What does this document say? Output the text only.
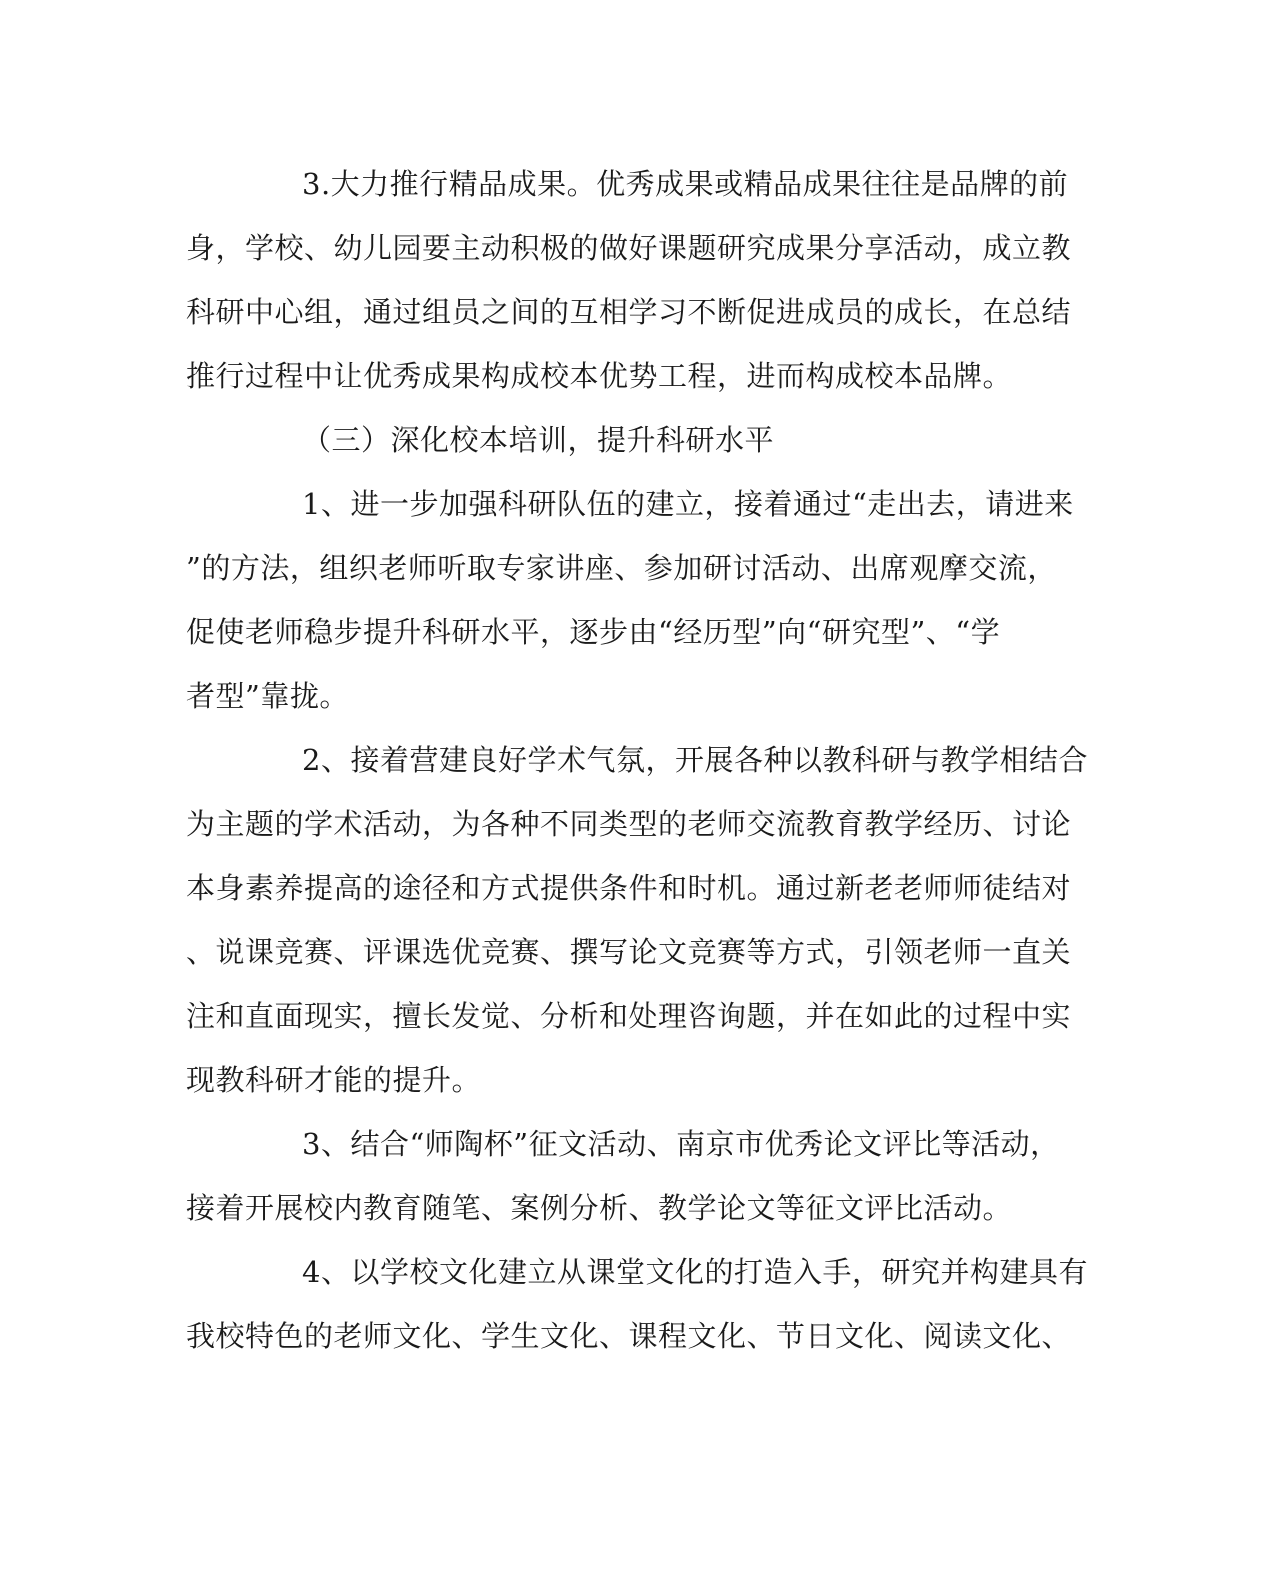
3.大力推行精品成果。优秀成果或精品成果往往是品牌的前
身，学校、幼儿园要主动积极的做好课题研究成果分享活动，成立教
科研中心组，通过组员之间的互相学习不断促进成员的成长，在总结
推行过程中让优秀成果构成校本优势工程，进而构成校本品牌。
（三）深化校本培训，提升科研水平
1、进一步加强科研队伍的建立，接着通过“走出去，请进来
”的方法，组织老师听取专家讲座、参加研讨活动、出席观摩交流，
促使老师稳步提升科研水平，逐步由“经历型”向“研究型”、“学
者型”靠拢。
2、接着营建良好学术气氛，开展各种以教科研与教学相结合
为主题的学术活动，为各种不同类型的老师交流教育教学经历、讨论
本身素养提高的途径和方式提供条件和时机。通过新老老师师徒结对
、说课竞赛、评课选优竞赛、撰写论文竞赛等方式，引领老师一直关
注和直面现实，擅长发觉、分析和处理咨询题，并在如此的过程中实
现教科研才能的提升。
3、结合“师陶杯”征文活动、南京市优秀论文评比等活动，
接着开展校内教育随笔、案例分析、教学论文等征文评比活动。
4、以学校文化建立从课堂文化的打造入手，研究并构建具有
我校特色的老师文化、学生文化、课程文化、节日文化、阅读文化、
